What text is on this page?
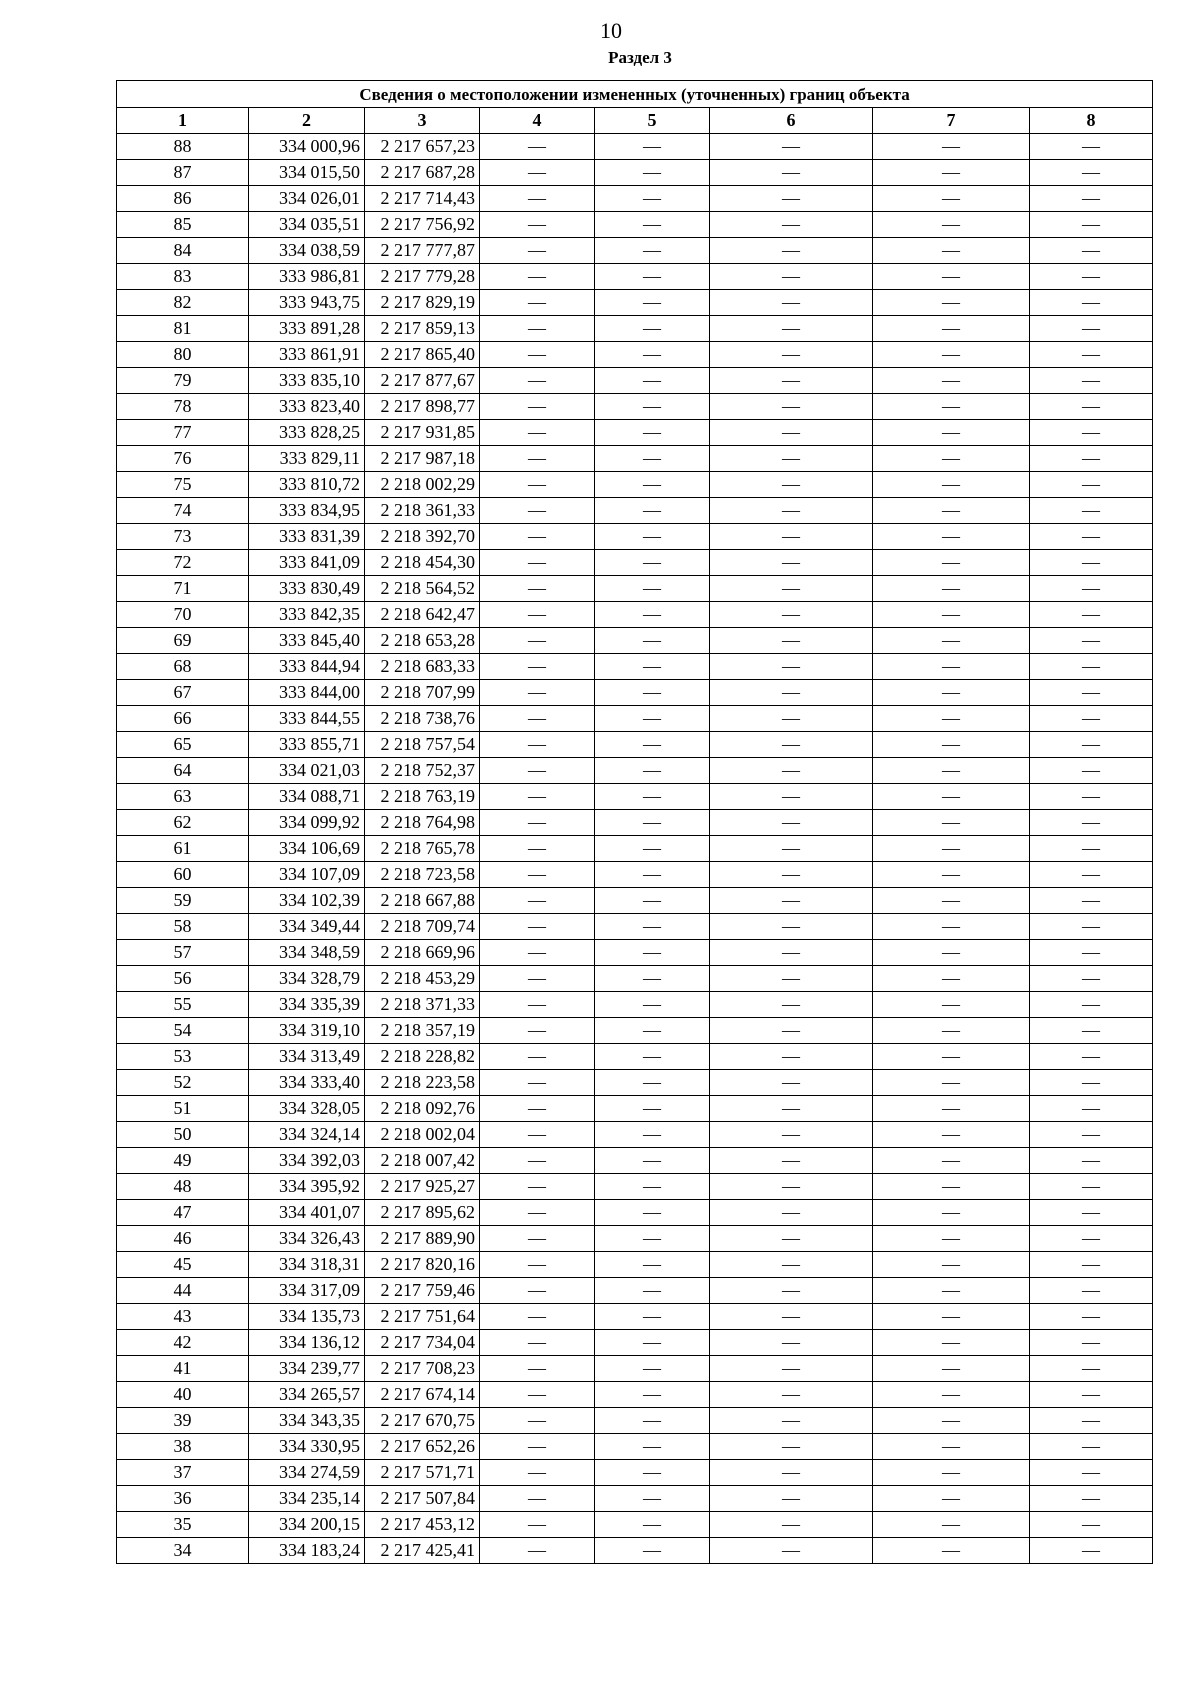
10
Раздел 3
Сведения о местоположении измененных (уточненных) границ объекта							
1	2	3	4	5	6	7	8
88	334 000,96	2 217 657,23	—	—	—	—	—
87	334 015,50	2 217 687,28	—	—	—	—	—
86	334 026,01	2 217 714,43	—	—	—	—	—
85	334 035,51	2 217 756,92	—	—	—	—	—
84	334 038,59	2 217 777,87	—	—	—	—	—
83	333 986,81	2 217 779,28	—	—	—	—	—
82	333 943,75	2 217 829,19	—	—	—	—	—
81	333 891,28	2 217 859,13	—	—	—	—	—
80	333 861,91	2 217 865,40	—	—	—	—	—
79	333 835,10	2 217 877,67	—	—	—	—	—
78	333 823,40	2 217 898,77	—	—	—	—	—
77	333 828,25	2 217 931,85	—	—	—	—	—
76	333 829,11	2 217 987,18	—	—	—	—	—
75	333 810,72	2 218 002,29	—	—	—	—	—
74	333 834,95	2 218 361,33	—	—	—	—	—
73	333 831,39	2 218 392,70	—	—	—	—	—
72	333 841,09	2 218 454,30	—	—	—	—	—
71	333 830,49	2 218 564,52	—	—	—	—	—
70	333 842,35	2 218 642,47	—	—	—	—	—
69	333 845,40	2 218 653,28	—	—	—	—	—
68	333 844,94	2 218 683,33	—	—	—	—	—
67	333 844,00	2 218 707,99	—	—	—	—	—
66	333 844,55	2 218 738,76	—	—	—	—	—
65	333 855,71	2 218 757,54	—	—	—	—	—
64	334 021,03	2 218 752,37	—	—	—	—	—
63	334 088,71	2 218 763,19	—	—	—	—	—
62	334 099,92	2 218 764,98	—	—	—	—	—
61	334 106,69	2 218 765,78	—	—	—	—	—
60	334 107,09	2 218 723,58	—	—	—	—	—
59	334 102,39	2 218 667,88	—	—	—	—	—
58	334 349,44	2 218 709,74	—	—	—	—	—
57	334 348,59	2 218 669,96	—	—	—	—	—
56	334 328,79	2 218 453,29	—	—	—	—	—
55	334 335,39	2 218 371,33	—	—	—	—	—
54	334 319,10	2 218 357,19	—	—	—	—	—
53	334 313,49	2 218 228,82	—	—	—	—	—
52	334 333,40	2 218 223,58	—	—	—	—	—
51	334 328,05	2 218 092,76	—	—	—	—	—
50	334 324,14	2 218 002,04	—	—	—	—	—
49	334 392,03	2 218 007,42	—	—	—	—	—
48	334 395,92	2 217 925,27	—	—	—	—	—
47	334 401,07	2 217 895,62	—	—	—	—	—
46	334 326,43	2 217 889,90	—	—	—	—	—
45	334 318,31	2 217 820,16	—	—	—	—	—
44	334 317,09	2 217 759,46	—	—	—	—	—
43	334 135,73	2 217 751,64	—	—	—	—	—
42	334 136,12	2 217 734,04	—	—	—	—	—
41	334 239,77	2 217 708,23	—	—	—	—	—
40	334 265,57	2 217 674,14	—	—	—	—	—
39	334 343,35	2 217 670,75	—	—	—	—	—
38	334 330,95	2 217 652,26	—	—	—	—	—
37	334 274,59	2 217 571,71	—	—	—	—	—
36	334 235,14	2 217 507,84	—	—	—	—	—
35	334 200,15	2 217 453,12	—	—	—	—	—
34	334 183,24	2 217 425,41	—	—	—	—	—
